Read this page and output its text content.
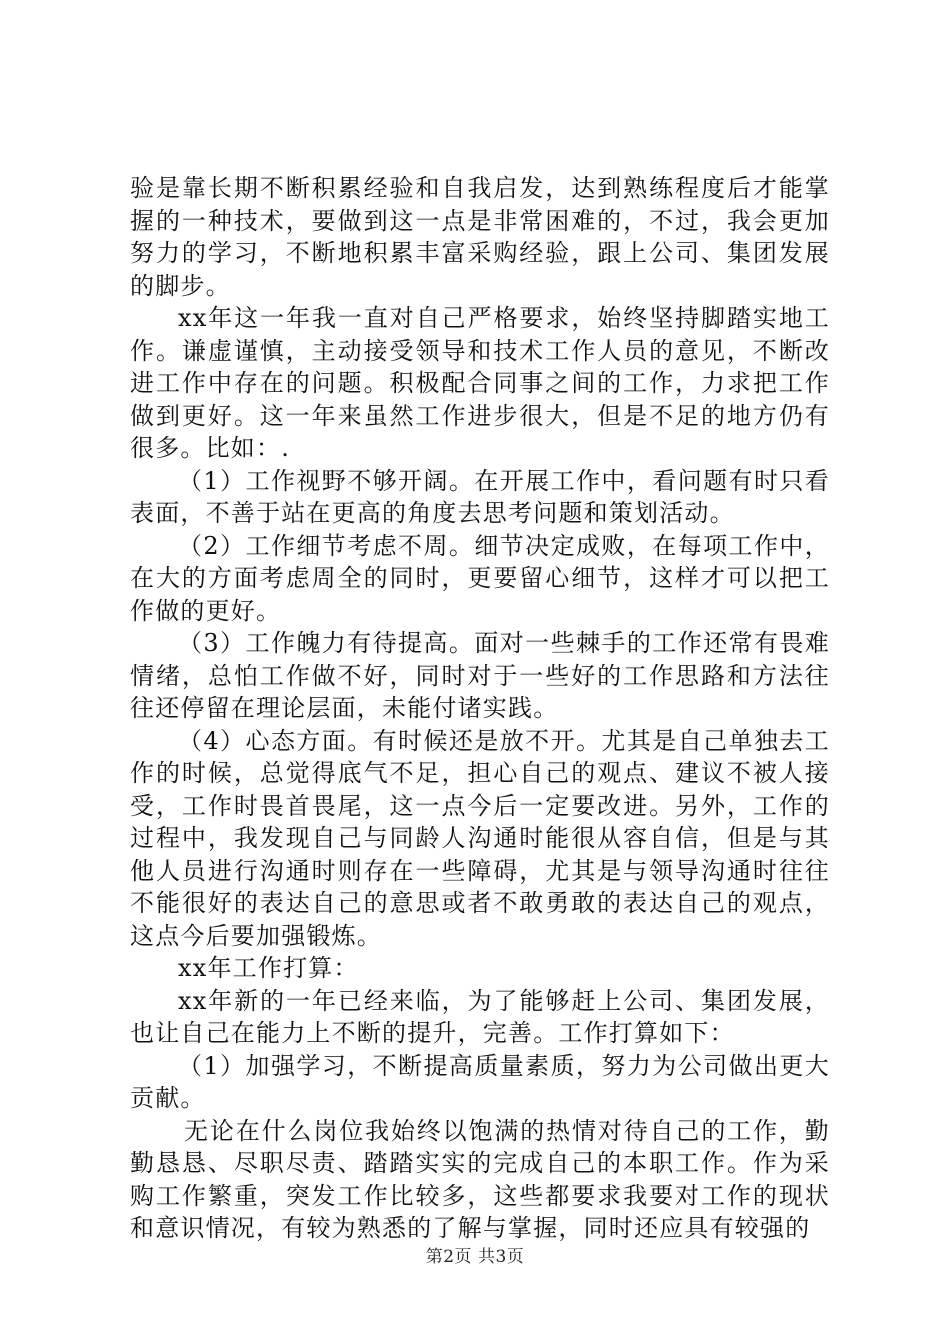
验是靠长期不断积累经验和自我启发，达到熟练程度后才能掌握的一种技术，要做到这一点是非常困难的，不过，我会更加努力的学习，不断地积累丰富采购经验，跟上公司、集团发展的脚步。

xx年这一年我一直对自己严格要求，始终坚持脚踏实地工作。谦虚谨慎，主动接受领导和技术工作人员的意见，不断改进工作中存在的问题。积极配合同事之间的工作，力求把工作做到更好。这一年来虽然工作进步很大，但是不足的地方仍有很多。比如：.

（1）工作视野不够开阔。在开展工作中，看问题有时只看表面，不善于站在更高的角度去思考问题和策划活动。

（2）工作细节考虑不周。细节决定成败，在每项工作中，在大的方面考虑周全的同时，更要留心细节，这样才可以把工作做的更好。

（3）工作魄力有待提高。面对一些棘手的工作还常有畏难情绪，总怕工作做不好，同时对于一些好的工作思路和方法往往还停留在理论层面，未能付诸实践。

（4）心态方面。有时候还是放不开。尤其是自己单独去工作的时候，总觉得底气不足，担心自己的观点、建议不被人接受，工作时畏首畏尾，这一点今后一定要改进。另外，工作的过程中，我发现自己与同龄人沟通时能很从容自信，但是与其他人员进行沟通时则存在一些障碍，尤其是与领导沟通时往往不能很好的表达自己的意思或者不敢勇敢的表达自己的观点，这点今后要加强锻炼。

xx年工作打算：

xx年新的一年已经来临，为了能够赶上公司、集团发展，也让自己在能力上不断的提升，完善。工作打算如下：

（1）加强学习，不断提高质量素质，努力为公司做出更大贡献。

无论在什么岗位我始终以饱满的热情对待自己的工作，勤勤恳恳、尽职尽责、踏踏实实的完成自己的本职工作。作为采购工作繁重，突发工作比较多，这些都要求我要对工作的现状和意识情况，有较为熟悉的了解与掌握，同时还应具有较强的

第2页 共3页
